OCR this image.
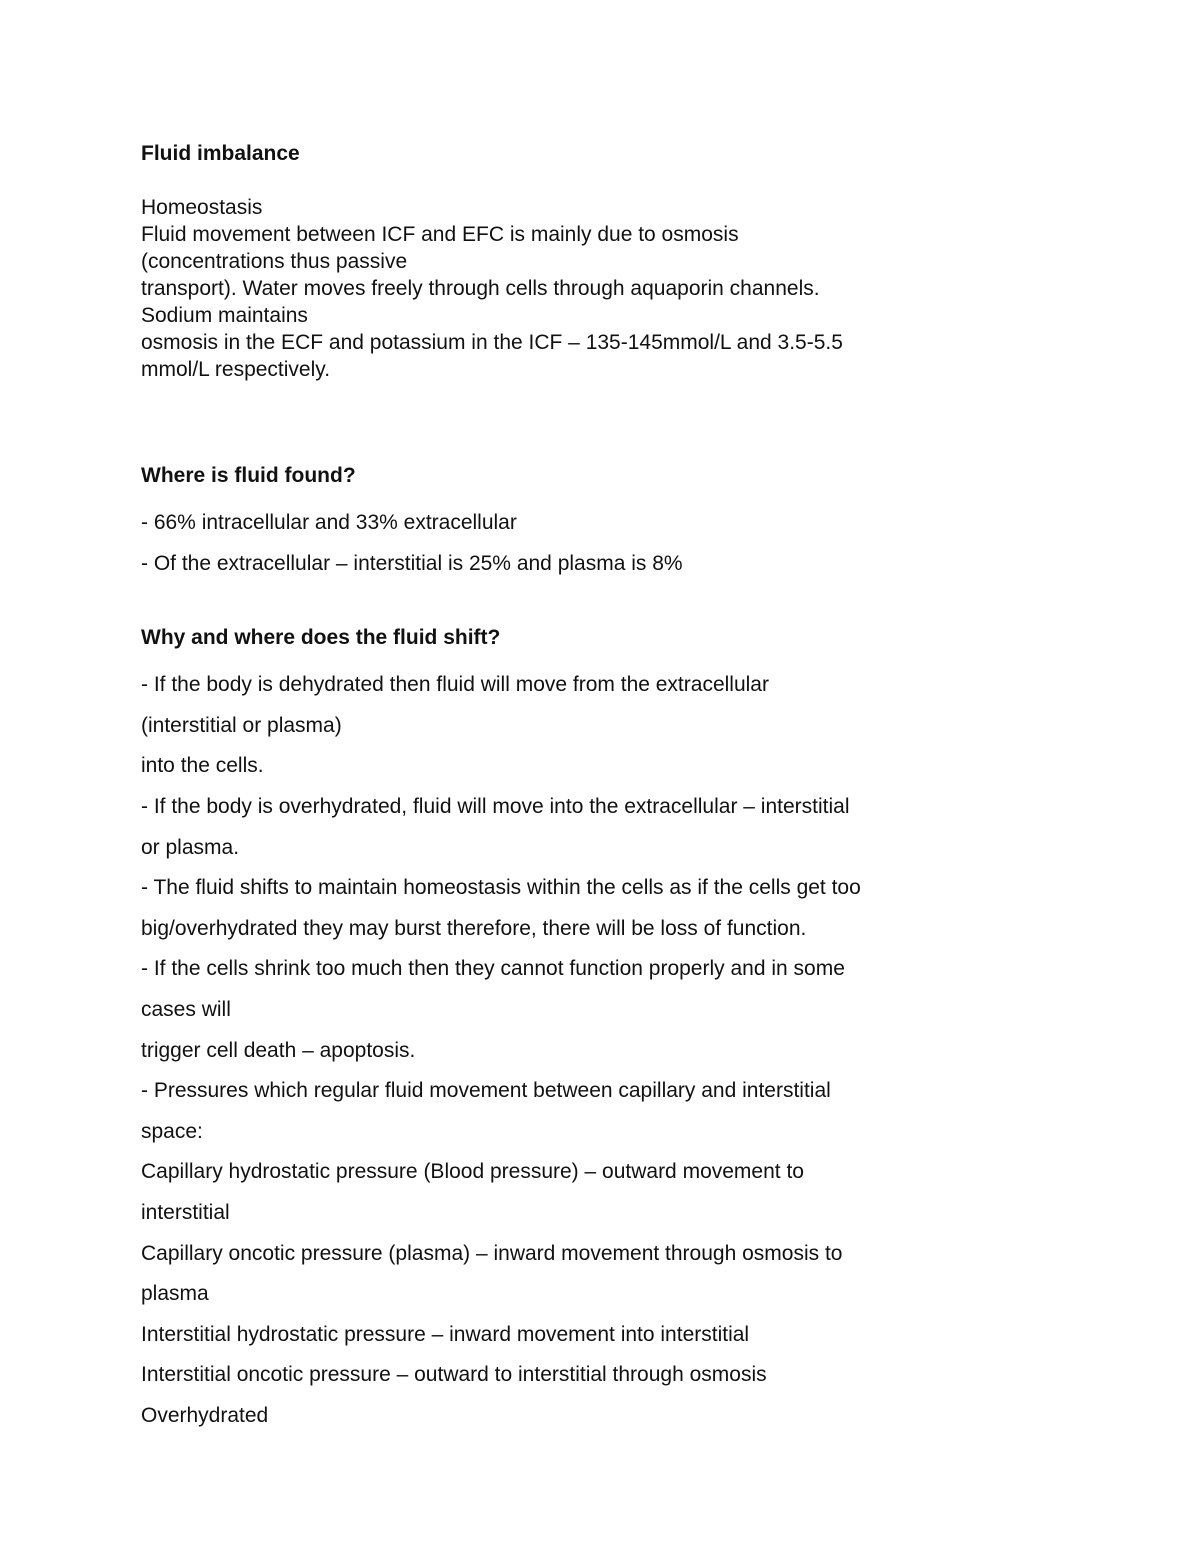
Fluid imbalance

Homeostasis

Fluid movement between ICF and EFC is mainly due to osmosis

(concentrations thus passive

transport). Water moves freely through cells through aquaporin channels.

Sodium maintains

osmosis in the ECF and potassium in the ICF – 135-145mmol/L and 3.5-5.5

mmol/L respectively.

Where is fluid found?

- 66% intracellular and 33% extracellular

- Of the extracellular – interstitial is 25% and plasma is 8%

Why and where does the fluid shift?

- If the body is dehydrated then fluid will move from the extracellular

(interstitial or plasma)

into the cells.

- If the body is overhydrated, fluid will move into the extracellular – interstitial

or plasma.

- The fluid shifts to maintain homeostasis within the cells as if the cells get too

big/overhydrated they may burst therefore, there will be loss of function.

- If the cells shrink too much then they cannot function properly and in some

cases will

trigger cell death – apoptosis.

- Pressures which regular fluid movement between capillary and interstitial

space:

Capillary hydrostatic pressure (Blood pressure) – outward movement to

interstitial

Capillary oncotic pressure (plasma) – inward movement through osmosis to

plasma

Interstitial hydrostatic pressure – inward movement into interstitial

Interstitial oncotic pressure – outward to interstitial through osmosis

Overhydrated
